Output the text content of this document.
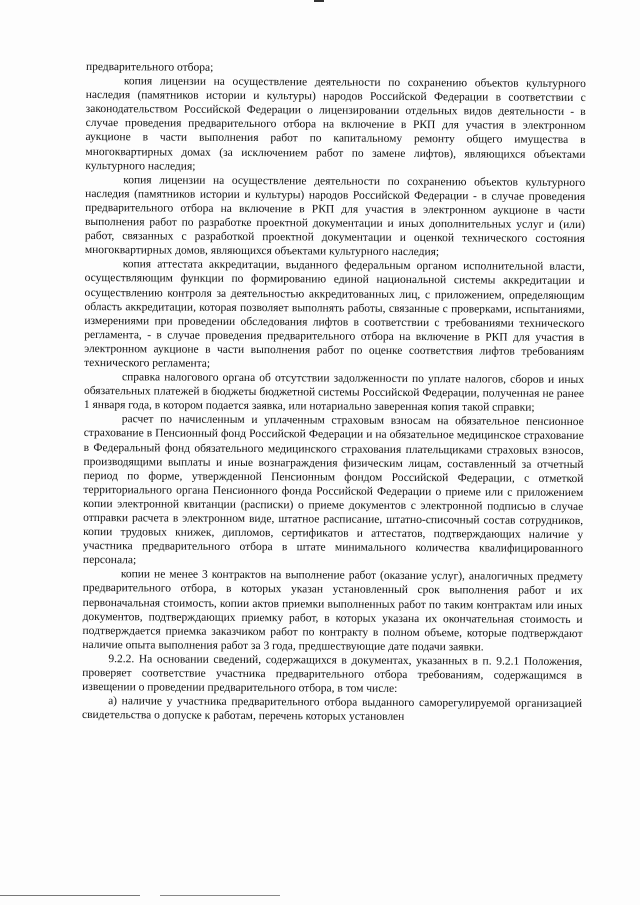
предварительного отбора;

копия лицензии на осуществление деятельности по сохранению объектов культурного наследия (памятников истории и культуры) народов Российской Федерации в соответствии с законодательством Российской Федерации о лицензировании отдельных видов деятельности - в случае проведения предварительного отбора на включение в РКП для участия в электронном аукционе в части выполнения работ по капитальному ремонту общего имущества в многоквартирных домах (за исключением работ по замене лифтов), являющихся объектами культурного наследия;

копия лицензии на осуществление деятельности по сохранению объектов культурного наследия (памятников истории и культуры) народов Российской Федерации - в случае проведения предварительного отбора на включение в РКП для участия в электронном аукционе в части выполнения работ по разработке проектной документации и иных дополнительных услуг и (или) работ, связанных с разработкой проектной документации и оценкой технического состояния многоквартирных домов, являющихся объектами культурного наследия;

копия аттестата аккредитации, выданного федеральным органом исполнительной власти, осуществляющим функции по формированию единой национальной системы аккредитации и осуществлению контроля за деятельностью аккредитованных лиц, с приложением, определяющим область аккредитации, которая позволяет выполнять работы, связанные с проверками, испытаниями, измерениями при проведении обследования лифтов в соответствии с требованиями технического регламента, - в случае проведения предварительного отбора на включение в РКП для участия в электронном аукционе в части выполнения работ по оценке соответствия лифтов требованиям технического регламента;

справка налогового органа об отсутствии задолженности по уплате налогов, сборов и иных обязательных платежей в бюджеты бюджетной системы Российской Федерации, полученная не ранее 1 января года, в котором подается заявка, или нотариально заверенная копия такой справки;

расчет по начисленным и уплаченным страховым взносам на обязательное пенсионное страхование в Пенсионный фонд Российской Федерации и на обязательное медицинское страхование в Федеральный фонд обязательного медицинского страхования плательщиками страховых взносов, производящими выплаты и иные вознаграждения физическим лицам, составленный за отчетный период по форме, утвержденной Пенсионным фондом Российской Федерации, с отметкой территориального органа Пенсионного фонда Российской Федерации о приеме или с приложением копии электронной квитанции (расписки) о приеме документов с электронной подписью в случае отправки расчета в электронном виде, штатное расписание, штатно-списочный состав сотрудников, копии трудовых книжек, дипломов, сертификатов и аттестатов, подтверждающих наличие у участника предварительного отбора в штате минимального количества квалифицированного персонала;

копии не менее 3 контрактов на выполнение работ (оказание услуг), аналогичных предмету предварительного отбора, в которых указан установленный срок выполнения работ и их первоначальная стоимость, копии актов приемки выполненных работ по таким контрактам или иных документов, подтверждающих приемку работ, в которых указана их окончательная стоимость и подтверждается приемка заказчиком работ по контракту в полном объеме, которые подтверждают наличие опыта выполнения работ за 3 года, предшествующие дате подачи заявки.

9.2.2. На основании сведений, содержащихся в документах, указанных в п. 9.2.1 Положения, проверяет соответствие участника предварительного отбора требованиям, содержащимся в извещении о проведении предварительного отбора, в том числе:

а) наличие у участника предварительного отбора выданного саморегулируемой организацией свидетельства о допуске к работам, перечень которых установлен
